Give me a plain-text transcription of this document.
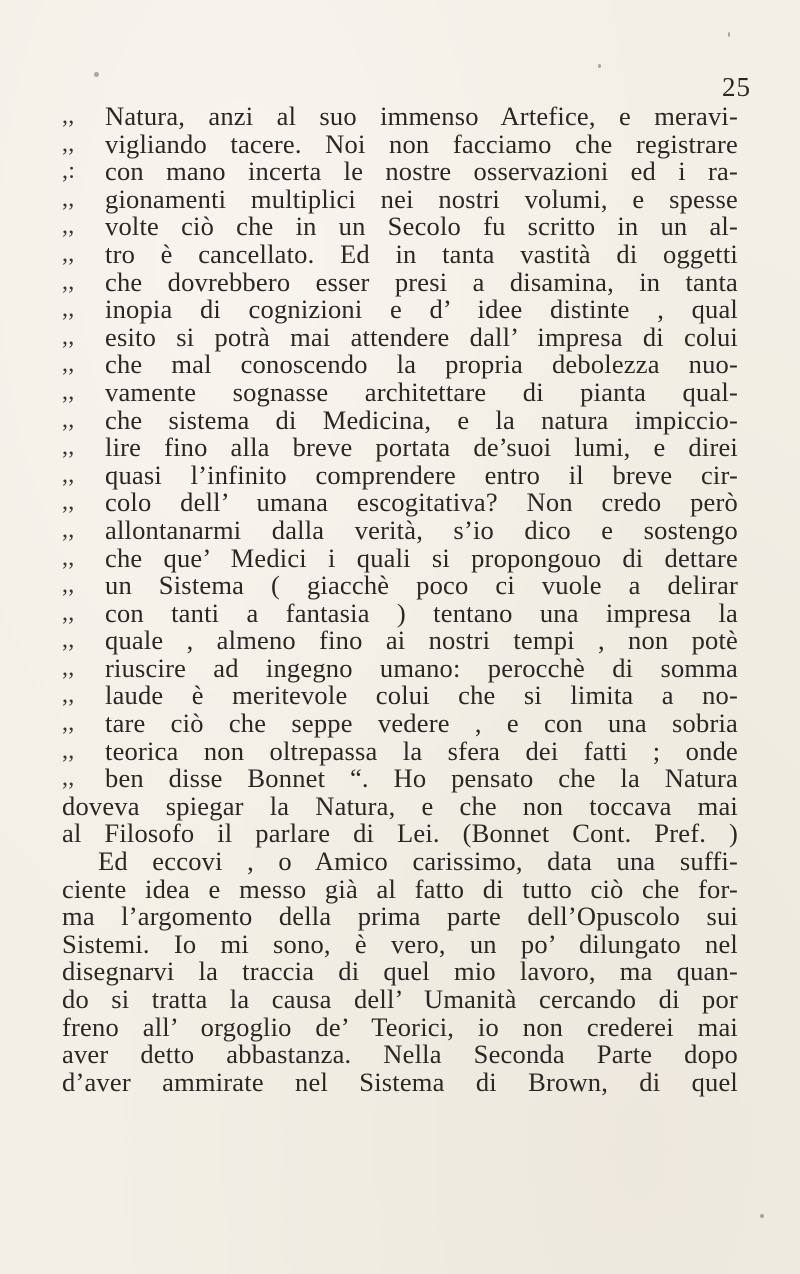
25
,,	Natura, anzi al suo immenso Artefice, e meravi-
,,	vigliando tacere. Noi non facciamo che registrare
,:	con mano incerta le nostre osservazioni ed i ra-
,,	gionamenti multiplici nei nostri volumi, e spesse
,,	volte ciò che in un Secolo fu scritto in un al-
,,	tro è cancellato. Ed in tanta vastità di oggetti
,,	che dovrebbero esser presi a disamina, in tanta
,,	inopia di cognizioni e d’ idee distinte , qual
,,	esito si potrà mai attendere dall’ impresa di colui
,,	che mal conoscendo la propria debolezza nuo-
,,	vamente sognasse architettare di pianta qual-
,,	che sistema di Medicina, e la natura impiccio-
,,	lire fino alla breve portata de’suoi lumi, e direi
,,	quasi l’infinito comprendere entro il breve cir-
,,	colo dell’ umana escogitativa? Non credo però
,,	allontanarmi dalla verità, s’io dico e sostengo
,,	che que’ Medici i quali si propongouo di dettare
,,	un Sistema ( giacchè poco ci vuole a delirar
,,	con tanti a fantasia ) tentano una impresa la
,,	quale , almeno fino ai nostri tempi , non potè
,,	riuscire ad ingegno umano: perocchè di somma
,,	laude è meritevole colui che si limita a no-
,,	tare ciò che seppe vedere , e con una sobria
,,	teorica non oltrepassa la sfera dei fatti ; onde
,,	ben disse Bonnet “. Ho pensato che la Natura
doveva spiegar la Natura, e che non toccava mai
al Filosofo il parlare di Lei. (Bonnet Cont. Pref. )
Ed eccovi , o Amico carissimo, data una suffi-
ciente idea e messo già al fatto di tutto ciò che for-
ma l’argomento della prima parte dell’Opuscolo sui
Sistemi. Io mi sono, è vero, un po’ dilungato nel
disegnarvi la traccia di quel mio lavoro, ma quan-
do si tratta la causa dell’ Umanità cercando di por
freno all’ orgoglio de’ Teorici, io non crederei mai
aver detto abbastanza. Nella Seconda Parte dopo
d’aver ammirate nel Sistema di Brown, di quel
